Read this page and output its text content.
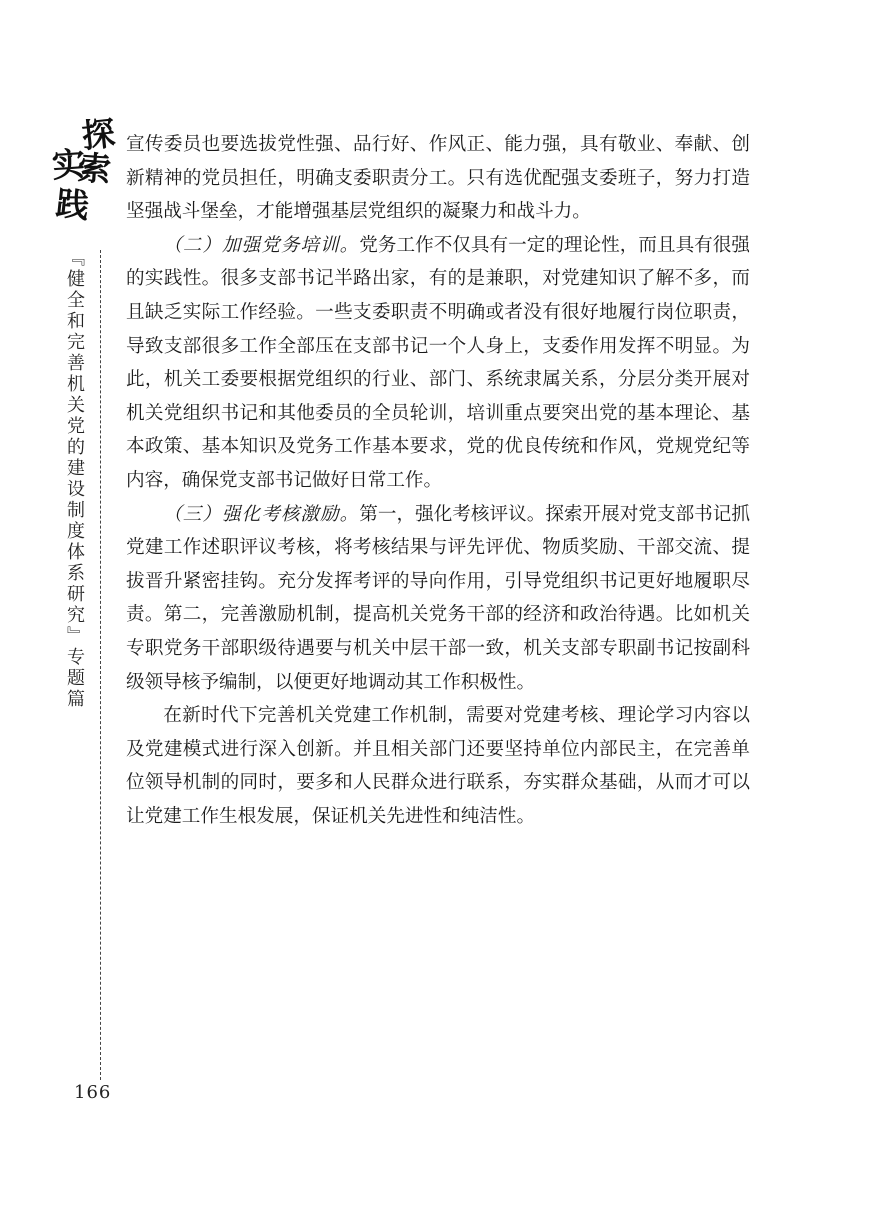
探
索
实
践
『健全和完善机关党的建设制度体系研究』专题篇

宣传委员也要选拔党性强、品行好、作风正、能力强，具有敬业、奉献、创新精神的党员担任，明确支委职责分工。只有选优配强支委班子，努力打造坚强战斗堡垒，才能增强基层党组织的凝聚力和战斗力。

（二）加强党务培训。党务工作不仅具有一定的理论性，而且具有很强的实践性。很多支部书记半路出家，有的是兼职，对党建知识了解不多，而且缺乏实际工作经验。一些支委职责不明确或者没有很好地履行岗位职责，导致支部很多工作全部压在支部书记一个人身上，支委作用发挥不明显。为此，机关工委要根据党组织的行业、部门、系统隶属关系，分层分类开展对机关党组织书记和其他委员的全员轮训，培训重点要突出党的基本理论、基本政策、基本知识及党务工作基本要求，党的优良传统和作风，党规党纪等内容，确保党支部书记做好日常工作。

（三）强化考核激励。第一，强化考核评议。探索开展对党支部书记抓党建工作述职评议考核，将考核结果与评先评优、物质奖励、干部交流、提拔晋升紧密挂钩。充分发挥考评的导向作用，引导党组织书记更好地履职尽责。第二，完善激励机制，提高机关党务干部的经济和政治待遇。比如机关专职党务干部职级待遇要与机关中层干部一致，机关支部专职副书记按副科级领导核予编制，以便更好地调动其工作积极性。

在新时代下完善机关党建工作机制，需要对党建考核、理论学习内容以及党建模式进行深入创新。并且相关部门还要坚持单位内部民主，在完善单位领导机制的同时，要多和人民群众进行联系，夯实群众基础，从而才可以让党建工作生根发展，保证机关先进性和纯洁性。

166
